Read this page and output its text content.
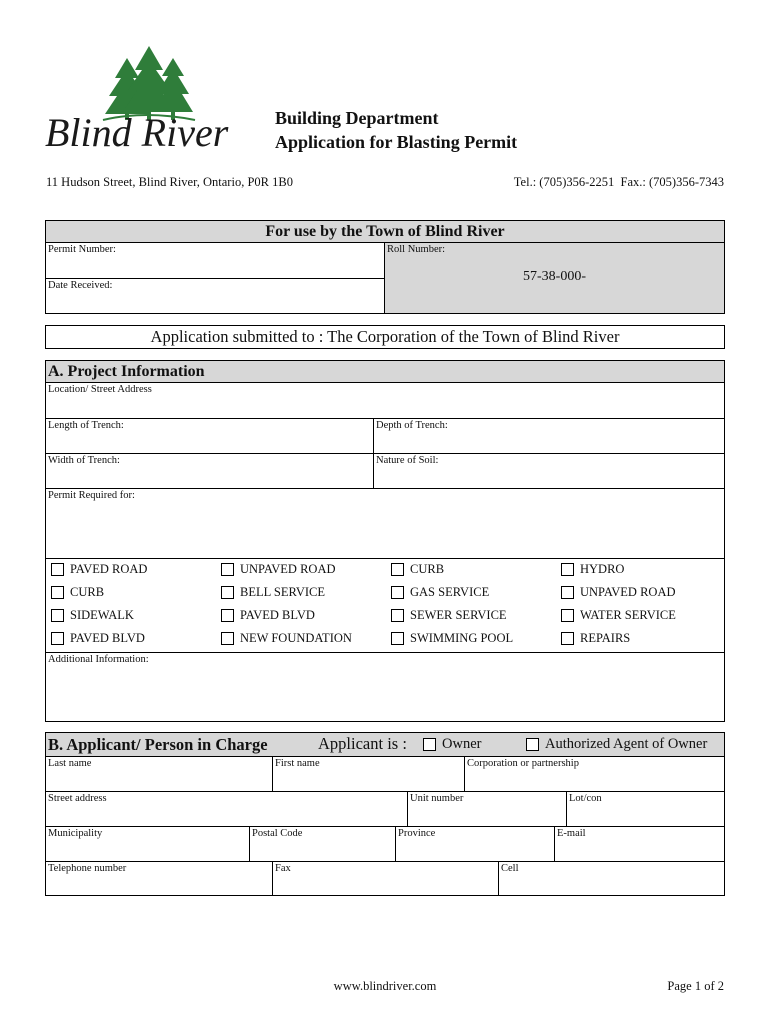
Blind River	Building Department
Application for Blasting Permit
11 Hudson Street, Blind River, Ontario, P0R 1B0	Tel.: (705)356-2251  Fax.: (705)356-7343
For use by the Town of Blind River
Permit Number:
Date Received:
Roll Number:
57-38-000-
Application submitted to : The Corporation of the Town of Blind River
A. Project Information
Location/ Street Address
Length of Trench:	Depth of Trench:
Width of Trench:	Nature of Soil:
Permit Required for:
PAVED ROAD	UNPAVED ROAD	CURB	HYDRO
CURB	BELL SERVICE	GAS SERVICE	UNPAVED ROAD
SIDEWALK	PAVED BLVD	SEWER SERVICE	WATER SERVICE
PAVED BLVD	NEW FOUNDATION	SWIMMING POOL	REPAIRS
Additional Information:
B. Applicant/ Person in Charge	Applicant is : Owner	Authorized Agent of Owner
Last name	First name	Corporation or partnership
Street address	Unit number	Lot/con
Municipality	Postal Code	Province	E-mail
Telephone number	Fax	Cell
www.blindriver.com	Page 1 of 2
